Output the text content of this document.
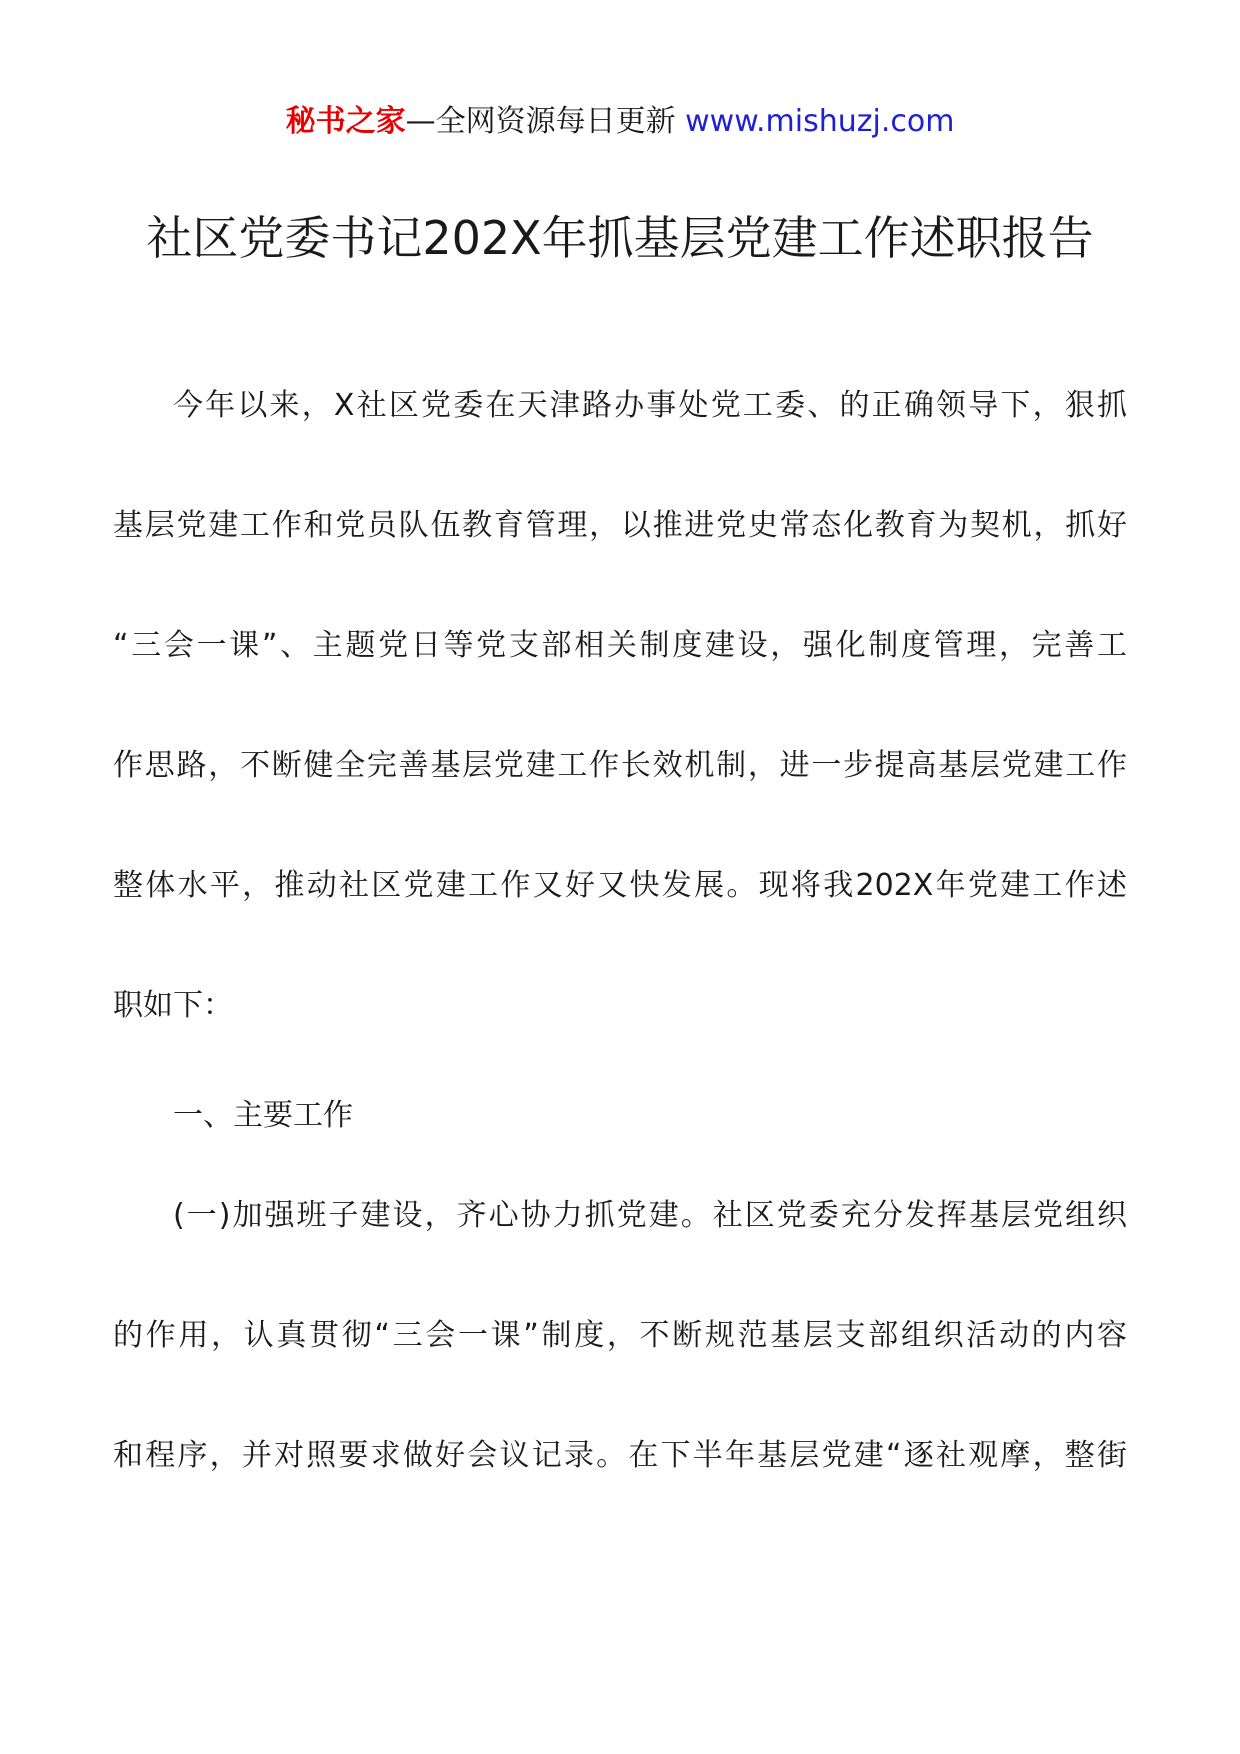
秘书之家—全网资源每日更新 www.mishuzj.com
社区党委书记202X年抓基层党建工作述职报告
今年以来，X社区党委在天津路办事处党工委、的正确领导下，狠抓
基层党建工作和党员队伍教育管理，以推进党史常态化教育为契机，抓好
“三会一课”、主题党日等党支部相关制度建设，强化制度管理，完善工
作思路，不断健全完善基层党建工作长效机制，进一步提高基层党建工作
整体水平，推动社区党建工作又好又快发展。现将我202X年党建工作述
职如下：
一、主要工作
(一)加强班子建设，齐心协力抓党建。社区党委充分发挥基层党组织
的作用，认真贯彻“三会一课”制度，不断规范基层支部组织活动的内容
和程序，并对照要求做好会议记录。在下半年基层党建“逐社观摩，整街
